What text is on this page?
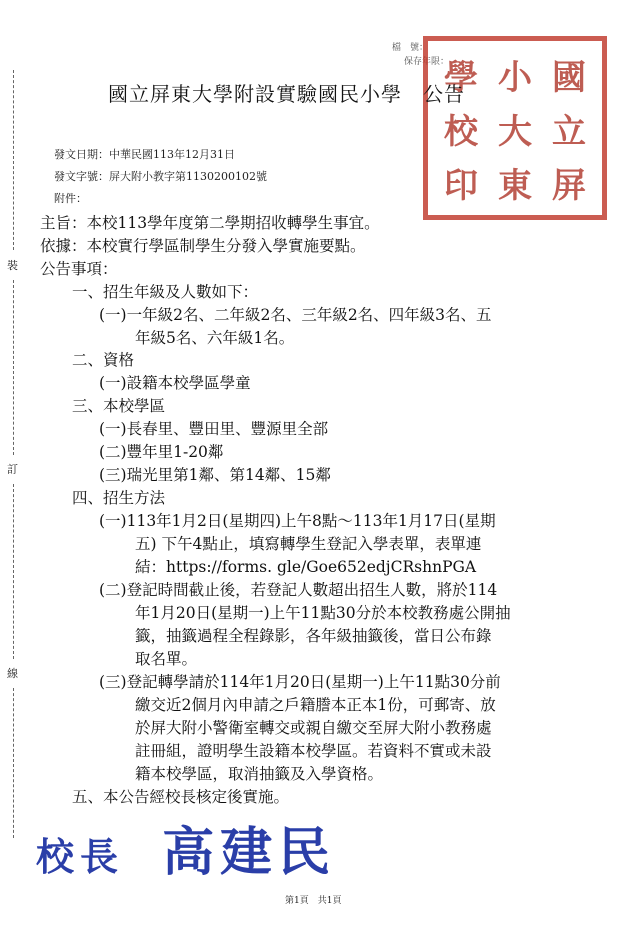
裝
訂
線
檔　號：
保存年限：
學 小 國
校 大 立
印 東 屏
國立屏東大學附設實驗國民小學　公告
發文日期：中華民國113年12月31日
發文字號：屏大附小教字第1130200102號
附件：
主旨：本校113學年度第二學期招收轉學生事宜。
依據：本校實行學區制學生分發入學實施要點。
公告事項：
一、招生年級及人數如下：
(一)一年級2名、二年級2名、三年級2名、四年級3名、五
年級5名、六年級1名。
二、資格
(一)設籍本校學區學童
三、本校學區
(一)長春里、豐田里、豐源里全部
(二)豐年里1-20鄰
(三)瑞光里第1鄰、第14鄰、15鄰
四、招生方法
(一)113年1月2日(星期四)上午8點～113年1月17日(星期
五) 下午4點止，填寫轉學生登記入學表單，表單連
結：https://forms. gle/Goe652edjCRshnPGA
(二)登記時間截止後，若登記人數超出招生人數，將於114
年1月20日(星期一)上午11點30分於本校教務處公開抽
籤，抽籤過程全程錄影，各年級抽籤後，當日公布錄
取名單。
(三)登記轉學請於114年1月20日(星期一)上午11點30分前
繳交近2個月內申請之戶籍謄本正本1份，可郵寄、放
於屏大附小警衛室轉交或親自繳交至屏大附小教務處
註冊組，證明學生設籍本校學區。若資料不實或未設
籍本校學區，取消抽籤及入學資格。
五、本公告經校長核定後實施。
校長 高建民
第1頁　共1頁
